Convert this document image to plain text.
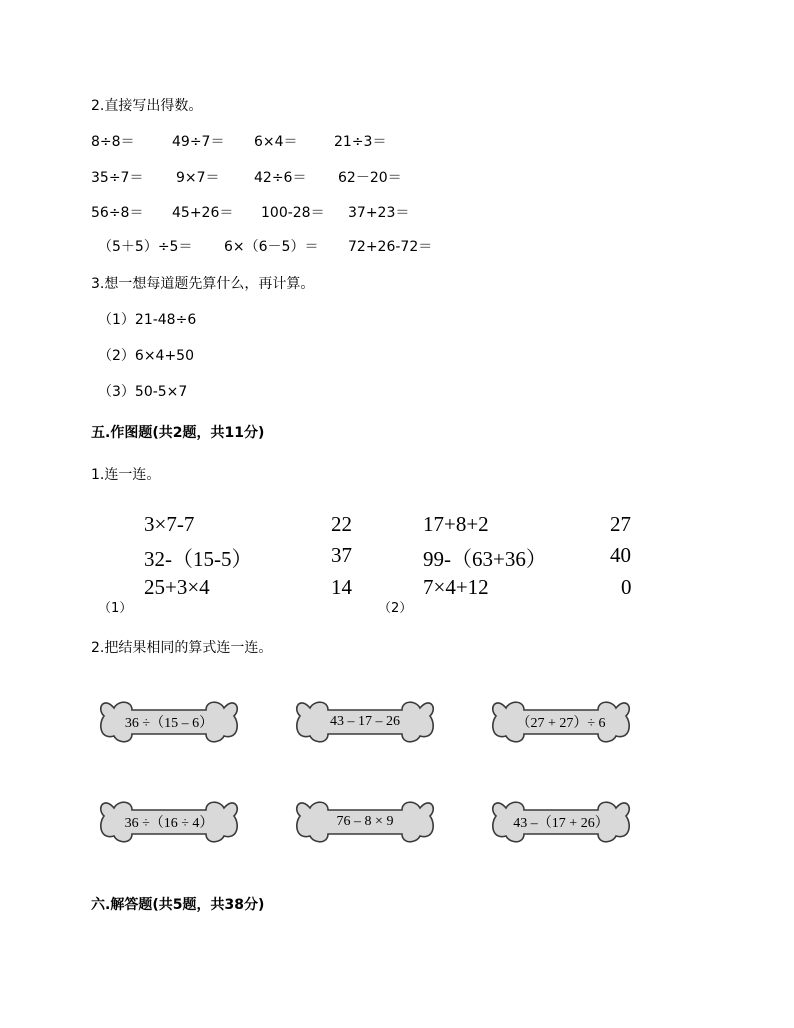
2.直接写出得数。
8÷8＝	49÷7＝ 6×4＝	21÷3＝
35÷7＝ 9×7＝ 42÷6＝ 62－20＝
56÷8＝ 45+26＝ 100-28＝ 37+23＝
（5＋5）÷5＝ 6×（6－5）＝ 72+26-72＝
3.想一想每道题先算什么，再计算。
（1）21-48÷6
（2）6×4+50
（3）50-5×7
五.作图题(共2题，共11分)
1.连一连。
3×7-7
32-（15-5）
25+3×4
22
37
14
（1）
17+8+2
99-（63+36）
7×4+12
27
40
0
（2）
2.把结果相同的算式连一连。
36 ÷（15 – 6）	43 – 17 – 26	（27 + 27）÷ 6
36 ÷（16 ÷ 4）	76 – 8 × 9	43 –（17 + 26）
六.解答题(共5题，共38分)
